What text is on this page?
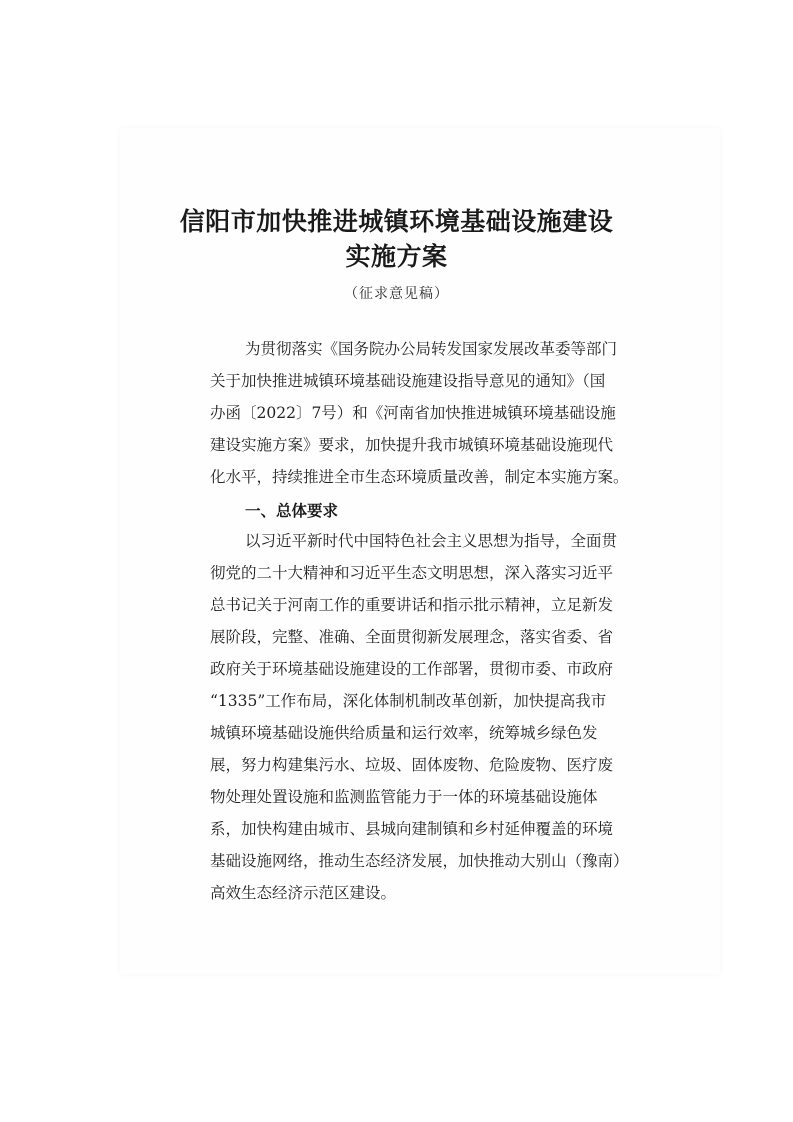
信阳市加快推进城镇环境基础设施建设
实施方案
（征求意见稿）
为贯彻落实《国务院办公局转发国家发展改革委等部门
关于加快推进城镇环境基础设施建设指导意见的通知》（国
办函〔2022〕7号）和《河南省加快推进城镇环境基础设施
建设实施方案》要求，加快提升我市城镇环境基础设施现代
化水平，持续推进全市生态环境质量改善，制定本实施方案。
一、总体要求
以习近平新时代中国特色社会主义思想为指导，全面贯
彻党的二十大精神和习近平生态文明思想，深入落实习近平
总书记关于河南工作的重要讲话和指示批示精神，立足新发
展阶段，完整、准确、全面贯彻新发展理念，落实省委、省
政府关于环境基础设施建设的工作部署，贯彻市委、市政府
“1335”工作布局，深化体制机制改革创新，加快提高我市
城镇环境基础设施供给质量和运行效率，统筹城乡绿色发
展，努力构建集污水、垃圾、固体废物、危险废物、医疗废
物处理处置设施和监测监管能力于一体的环境基础设施体
系，加快构建由城市、县城向建制镇和乡村延伸覆盖的环境
基础设施网络，推动生态经济发展，加快推动大别山（豫南）
高效生态经济示范区建设。
